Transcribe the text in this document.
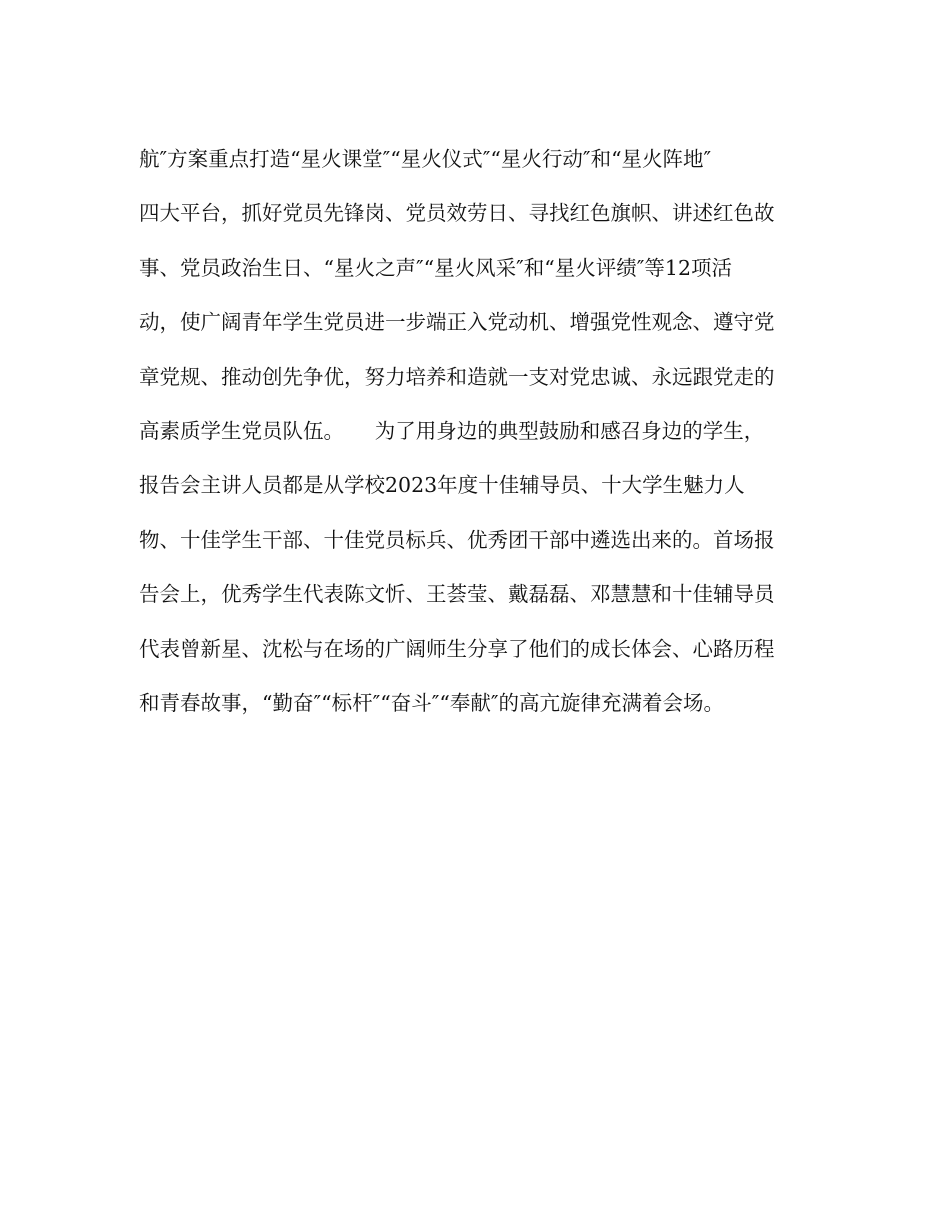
航″方案重点打造“星火课堂″“星火仪式″“星火行动″和“星火阵地″
四大平台，抓好党员先锋岗、党员效劳日、寻找红色旗帜、讲述红色故
事、党员政治生日、“星火之声″“星火风采″和“星火评绩″等12项活
动，使广阔青年学生党员进一步端正入党动机、增强党性观念、遵守党
章党规、推动创先争优，努力培养和造就一支对党忠诚、永远跟党走的
高素质学生党员队伍。　　为了用身边的典型鼓励和感召身边的学生，
报告会主讲人员都是从学校2023年度十佳辅导员、十大学生魅力人
物、十佳学生干部、十佳党员标兵、优秀团干部中遴选出来的。首场报
告会上，优秀学生代表陈文忻、王荟莹、戴磊磊、邓慧慧和十佳辅导员
代表曾新星、沈松与在场的广阔师生分享了他们的成长体会、心路历程
和青春故事，“勤奋″“标杆″“奋斗″“奉献″的高亢旋律充满着会场。
